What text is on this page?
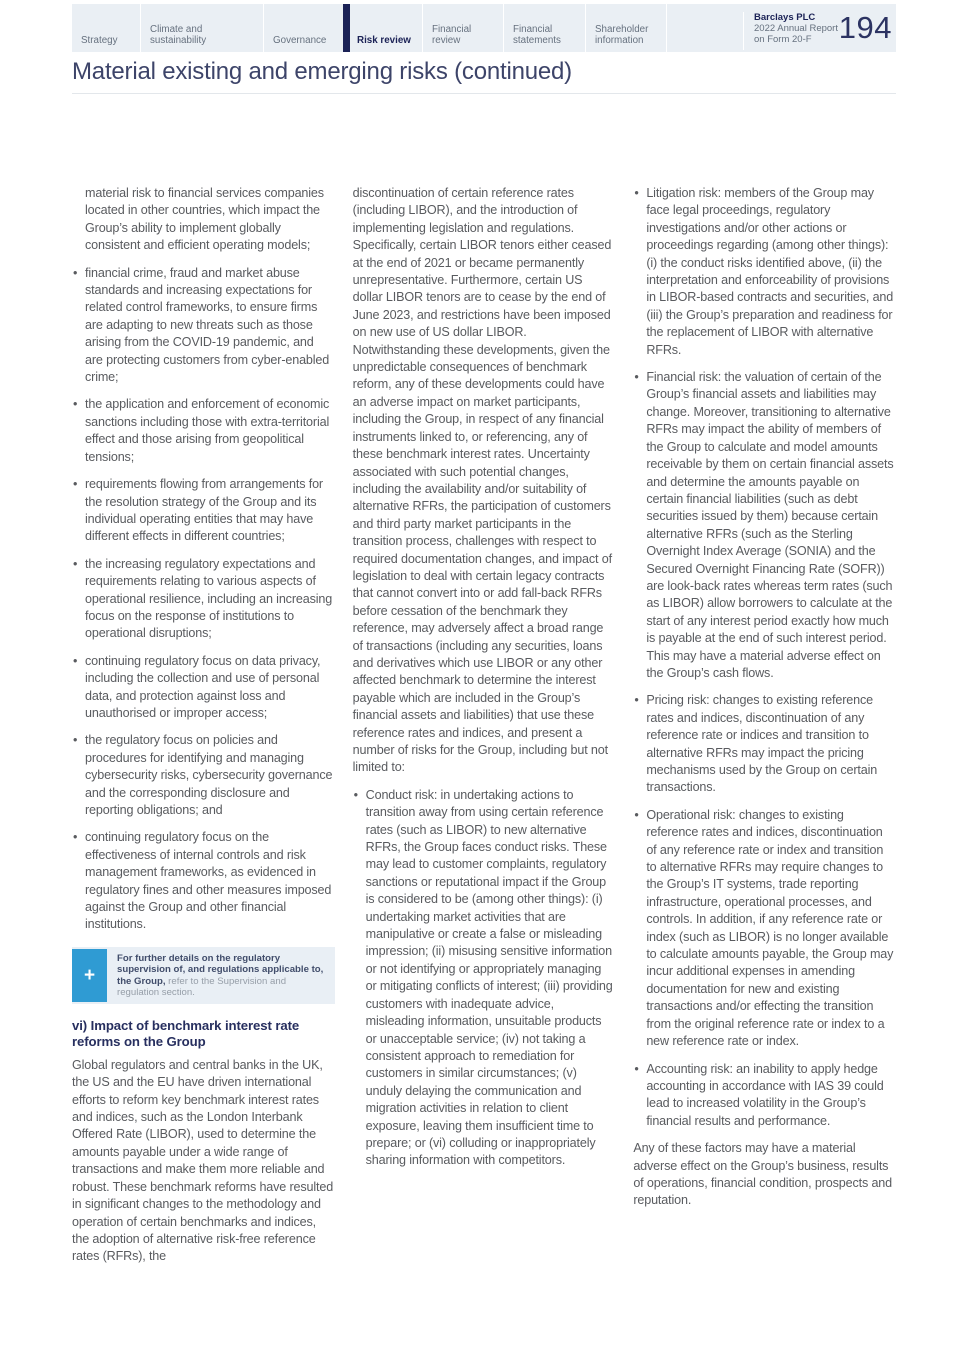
Strategy
Climate and sustainability	Governance	Risk review
Financial review
Financial statements
Shareholder information
Barclays PLC
2022 Annual Report
on Form 20-F 194
Material existing and emerging risks (continued)
material risk to financial services companies located in other countries, which impact the Group’s ability to implement globally consistent and efficient operating models;
• financial crime, fraud and market abuse standards and increasing expectations for related control frameworks, to ensure firms are adapting to new threats such as those arising from the COVID-19 pandemic, and are protecting customers from cyber-enabled crime;
• the application and enforcement of economic sanctions including those with extra-territorial effect and those arising from geopolitical tensions;
• requirements flowing from arrangements for the resolution strategy of the Group and its individual operating entities that may have different effects in different countries;
• the increasing regulatory expectations and requirements relating to various aspects of operational resilience, including an increasing focus on the response of institutions to operational disruptions;
• continuing regulatory focus on data privacy, including the collection and use of personal data, and protection against loss and unauthorised or improper access;
• the regulatory focus on policies and procedures for identifying and managing cybersecurity risks, cybersecurity governance and the corresponding disclosure and reporting obligations; and
• continuing regulatory focus on the effectiveness of internal controls and risk management frameworks, as evidenced in regulatory fines and other measures imposed against the Group and other financial institutions.
+
For further details on the regulatory supervision of, and regulations applicable to, the Group, refer to the Supervision and regulation section.
vi) Impact of benchmark interest rate reforms on the Group
Global regulators and central banks in the UK, the US and the EU have driven international efforts to reform key benchmark interest rates and indices, such as the London Interbank Offered Rate (LIBOR), used to determine the amounts payable under a wide range of transactions and make them more reliable and robust. These benchmark reforms have resulted in significant changes to the methodology and operation of certain benchmarks and indices, the adoption of alternative risk-free reference rates (RFRs), the
discontinuation of certain reference rates (including LIBOR), and the introduction of implementing legislation and regulations. Specifically, certain LIBOR tenors either ceased at the end of 2021 or became permanently unrepresentative. Furthermore, certain US dollar LIBOR tenors are to cease by the end of June 2023, and restrictions have been imposed on new use of US dollar LIBOR. Notwithstanding these developments, given the unpredictable consequences of benchmark reform, any of these developments could have an adverse impact on market participants, including the Group, in respect of any financial instruments linked to, or referencing, any of these benchmark interest rates. Uncertainty associated with such potential changes, including the availability and/or suitability of alternative RFRs, the participation of customers and third party market participants in the transition process, challenges with respect to required documentation changes, and impact of legislation to deal with certain legacy contracts that cannot convert into or add fall-back RFRs before cessation of the benchmark they reference, may adversely affect a broad range of transactions (including any securities, loans and derivatives which use LIBOR or any other affected benchmark to determine the interest payable which are included in the Group’s financial assets and liabilities) that use these reference rates and indices, and present a number of risks for the Group, including but not limited to:
• Conduct risk: in undertaking actions to transition away from using certain reference rates (such as LIBOR) to new alternative RFRs, the Group faces conduct risks. These may lead to customer complaints, regulatory sanctions or reputational impact if the Group is considered to be (among other things): (i) undertaking market activities that are manipulative or create a false or misleading impression; (ii) misusing sensitive information or not identifying or appropriately managing or mitigating conflicts of interest; (iii) providing customers with inadequate advice, misleading information, unsuitable products or unacceptable service; (iv) not taking a consistent approach to remediation for customers in similar circumstances; (v) unduly delaying the communication and migration activities in relation to client exposure, leaving them insufficient time to prepare; or (vi) colluding or inappropriately sharing information with competitors.
• Litigation risk: members of the Group may face legal proceedings, regulatory investigations and/or other actions or proceedings regarding (among other things): (i) the conduct risks identified above, (ii) the interpretation and enforceability of provisions in LIBOR-based contracts and securities, and (iii) the Group’s preparation and readiness for the replacement of LIBOR with alternative RFRs.
• Financial risk: the valuation of certain of the Group’s financial assets and liabilities may change. Moreover, transitioning to alternative RFRs may impact the ability of members of the Group to calculate and model amounts receivable by them on certain financial assets and determine the amounts payable on certain financial liabilities (such as debt securities issued by them) because certain alternative RFRs (such as the Sterling Overnight Index Average (SONIA) and the Secured Overnight Financing Rate (SOFR)) are look-back rates whereas term rates (such as LIBOR) allow borrowers to calculate at the start of any interest period exactly how much is payable at the end of such interest period. This may have a material adverse effect on the Group’s cash flows.
• Pricing risk: changes to existing reference rates and indices, discontinuation of any reference rate or indices and transition to alternative RFRs may impact the pricing mechanisms used by the Group on certain transactions.
• Operational risk: changes to existing reference rates and indices, discontinuation of any reference rate or index and transition to alternative RFRs may require changes to the Group’s IT systems, trade reporting infrastructure, operational processes, and controls. In addition, if any reference rate or index (such as LIBOR) is no longer available to calculate amounts payable, the Group may incur additional expenses in amending documentation for new and existing transactions and/or effecting the transition from the original reference rate or index to a new reference rate or index.
• Accounting risk: an inability to apply hedge accounting in accordance with IAS 39 could lead to increased volatility in the Group’s financial results and performance.
Any of these factors may have a material adverse effect on the Group’s business, results of operations, financial condition, prospects and reputation.
